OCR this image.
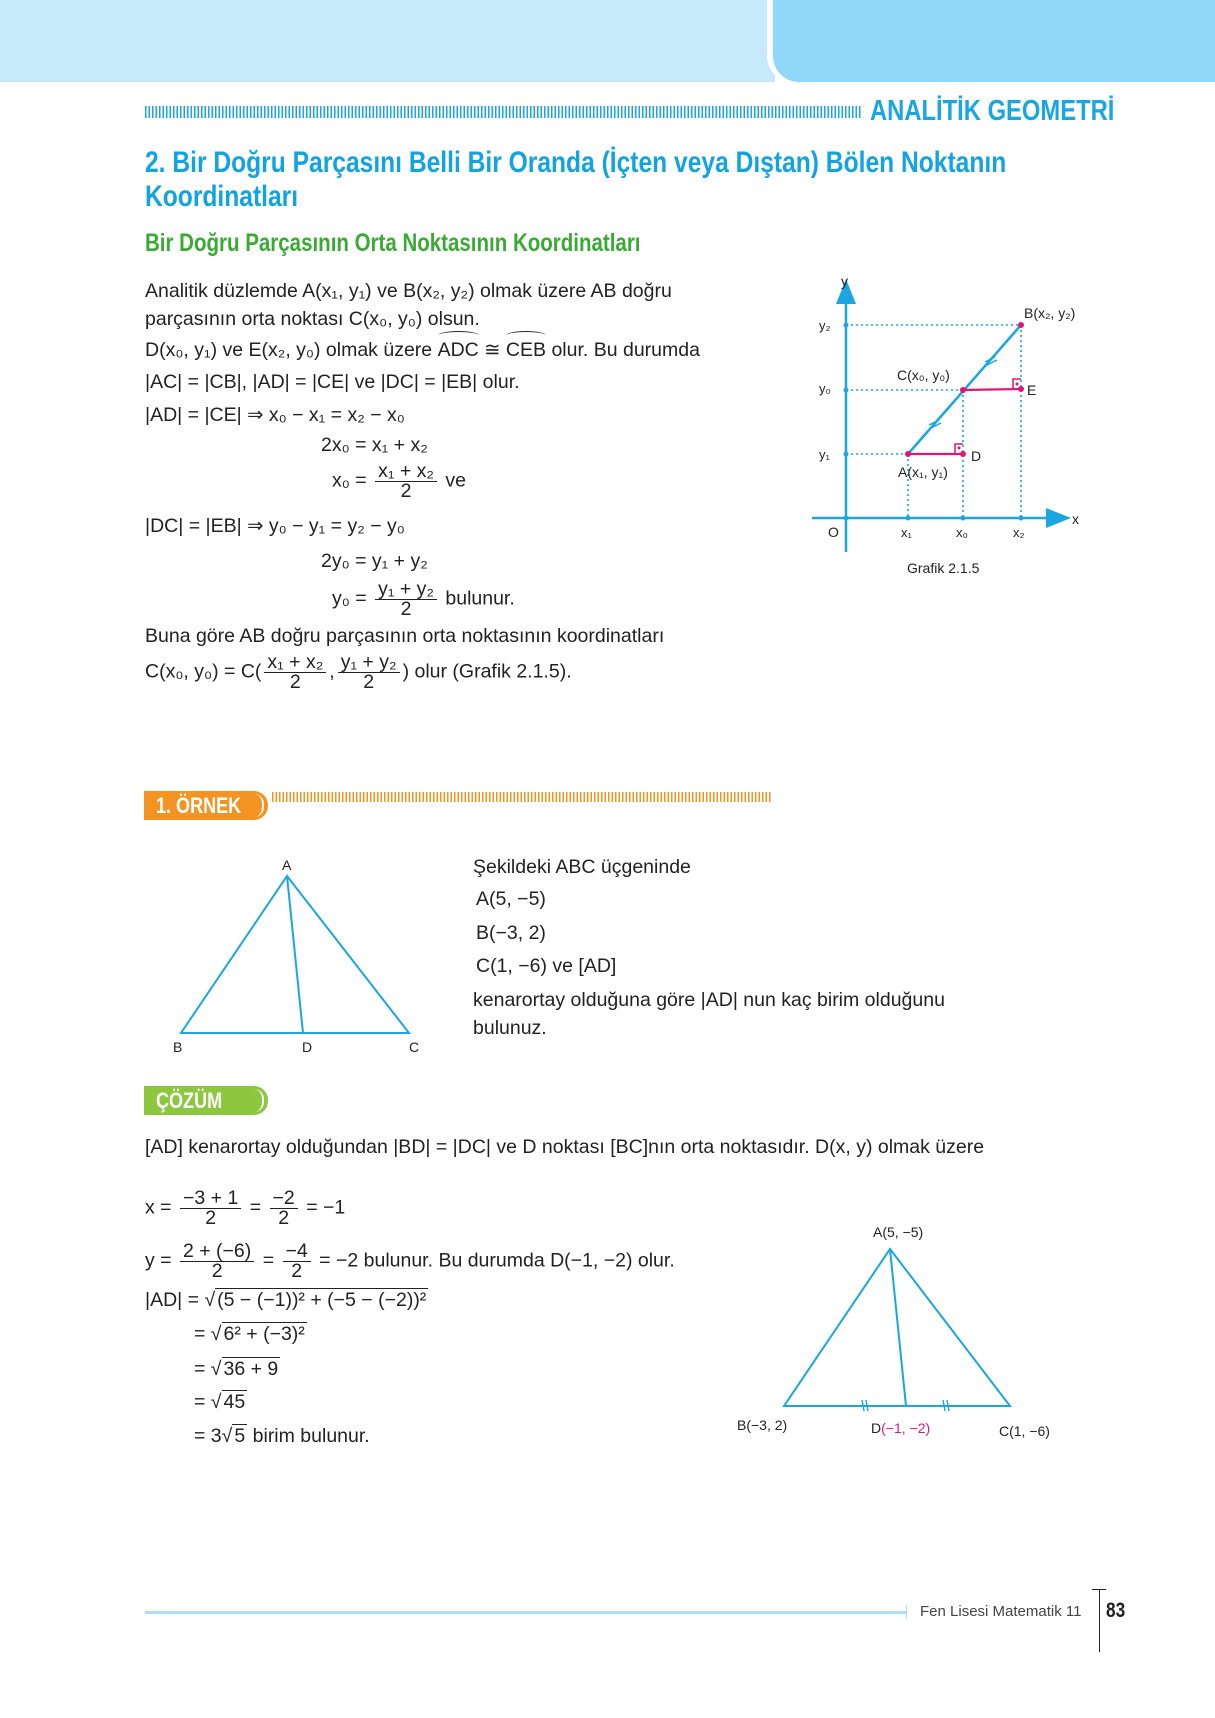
ANALİTİK GEOMETRİ
2. Bir Doğru Parçasını Belli Bir Oranda (İçten veya Dıştan) Bölen Noktanın
Koordinatları
Bir Doğru Parçasının Orta Noktasının Koordinatları
Analitik düzlemde A(x₁, y₁) ve B(x₂, y₂) olmak üzere AB doğru
parçasının orta noktası C(x₀, y₀) olsun.
D(x₀, y₁) ve E(x₂, y₀) olmak üzere ADC ≅ CEB olur. Bu durumda
|AC| = |CB|, |AD| = |CE| ve |DC| = |EB| olur.
|AD| = |CE| ⇒ x₀ − x₁ = x₂ − x₀
2x₀ = x₁ + x₂
$x_0 = \frac{\text{x₁ + x₂}}{2}$ ve
|DC| = |EB| ⇒ y₀ − y₁ = y₂ − y₀
2y₀ = y₁ + y₂
$y_0 = \frac{\text{y₁ + y₂}}{2}$ bulunur.
Buna göre AB doğru parçasının orta noktasının koordinatları
C(x₀, $y_0) = C( \frac{\text{x₁ + x₂}}{2}$ , $\frac{\text{y₁ + y₂}}{2}$ ) olur (Grafik 2.1.5).
y
x
O	x₁	x₀	x₂
y₁
y₀
y₂
A(x₁, y₁)
B(x₂, y₂)
C(x₀, y₀)
D
E
Grafik 2.1.5
A
B	D	C
A(5, −5)
B(−3, 2)	D(−1, −2)	C(1, −6)
1. ÖRNEK
Şekildeki ABC üçgeninde
A(5, −5)
B(−3, 2)
C(1, −6) ve [AD]
kenarortay olduğuna göre |AD| nun kaç birim olduğunu
bulunuz.
ÇÖZÜM
[AD] kenarortay olduğundan |BD| = |DC| ve D noktası [BC]nın orta noktasıdır. D(x, y) olmak üzere
$x = \frac{-3 + 1}{2} = \frac{-2}{2} = -1$
$y = \frac{2 + (-6)}{2} = \frac{-4}{2} = -2$ bulunur. Bu durumda D(−1, −2) olur.
|AD| = √ (5 − (−1))² + (−5 − (−2))²
= √ 6² + (−3)²
= √ 36 + 9
= √ 45
= 3√ 5 birim bulunur.
Fen Lisesi Matematik 11 83
